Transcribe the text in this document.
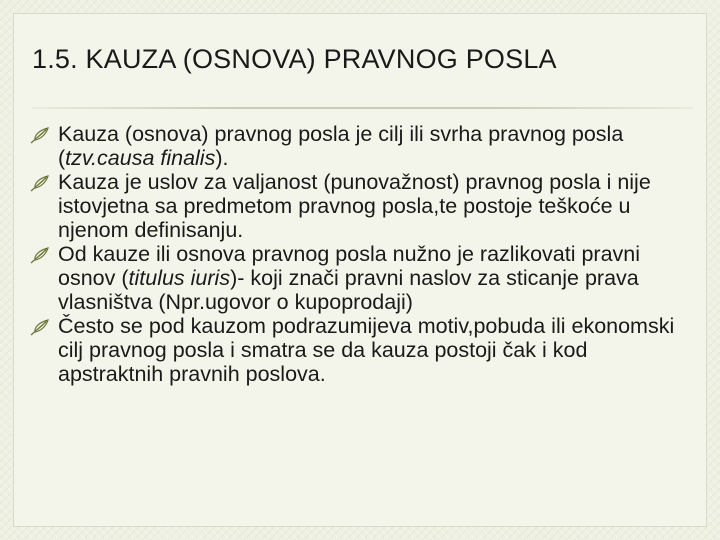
1.5. KAUZA (OSNOVA) PRAVNOG POSLA
Kauza (osnova) pravnog posla je cilj ili svrha pravnog posla (tzv.causa finalis).
Kauza je uslov za valjanost (punovažnost) pravnog posla i nije istovjetna sa predmetom pravnog posla,te postoje teškoće u njenom definisanju.
Od kauze ili osnova pravnog posla nužno je razlikovati pravni osnov (titulus iuris)- koji znači pravni naslov za sticanje prava vlasništva (Npr.ugovor o kupoprodaji)
Često se pod kauzom podrazumijeva motiv,pobuda ili ekonomski cilj pravnog posla i smatra se da kauza postoji čak i kod apstraktnih pravnih poslova.
